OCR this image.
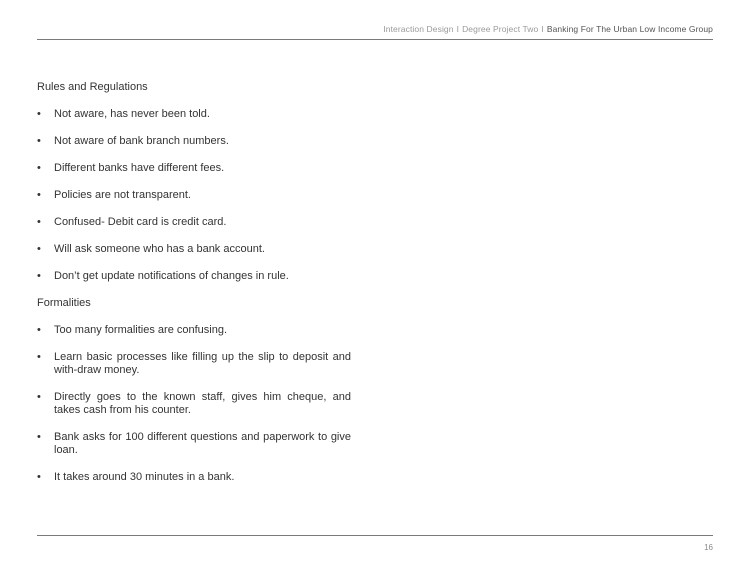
Interaction Design I Degree Project Two I Banking For The Urban Low Income Group
Rules and Regulations
• Not aware, has never been told.
• Not aware of bank branch numbers.
• Different banks have different fees.
• Policies are not transparent.
• Confused- Debit card is credit card.
• Will ask someone who has a bank account.
• Don’t get update notifications of changes in rule.
Formalities
• Too many formalities are confusing.
• Learn basic processes like filling up the slip to deposit and with-draw money.
• Directly goes to the known staff, gives him cheque, and takes cash from his counter.
• Bank asks for 100 different questions and paperwork to give loan.
• It takes around 30 minutes in a bank.
16
